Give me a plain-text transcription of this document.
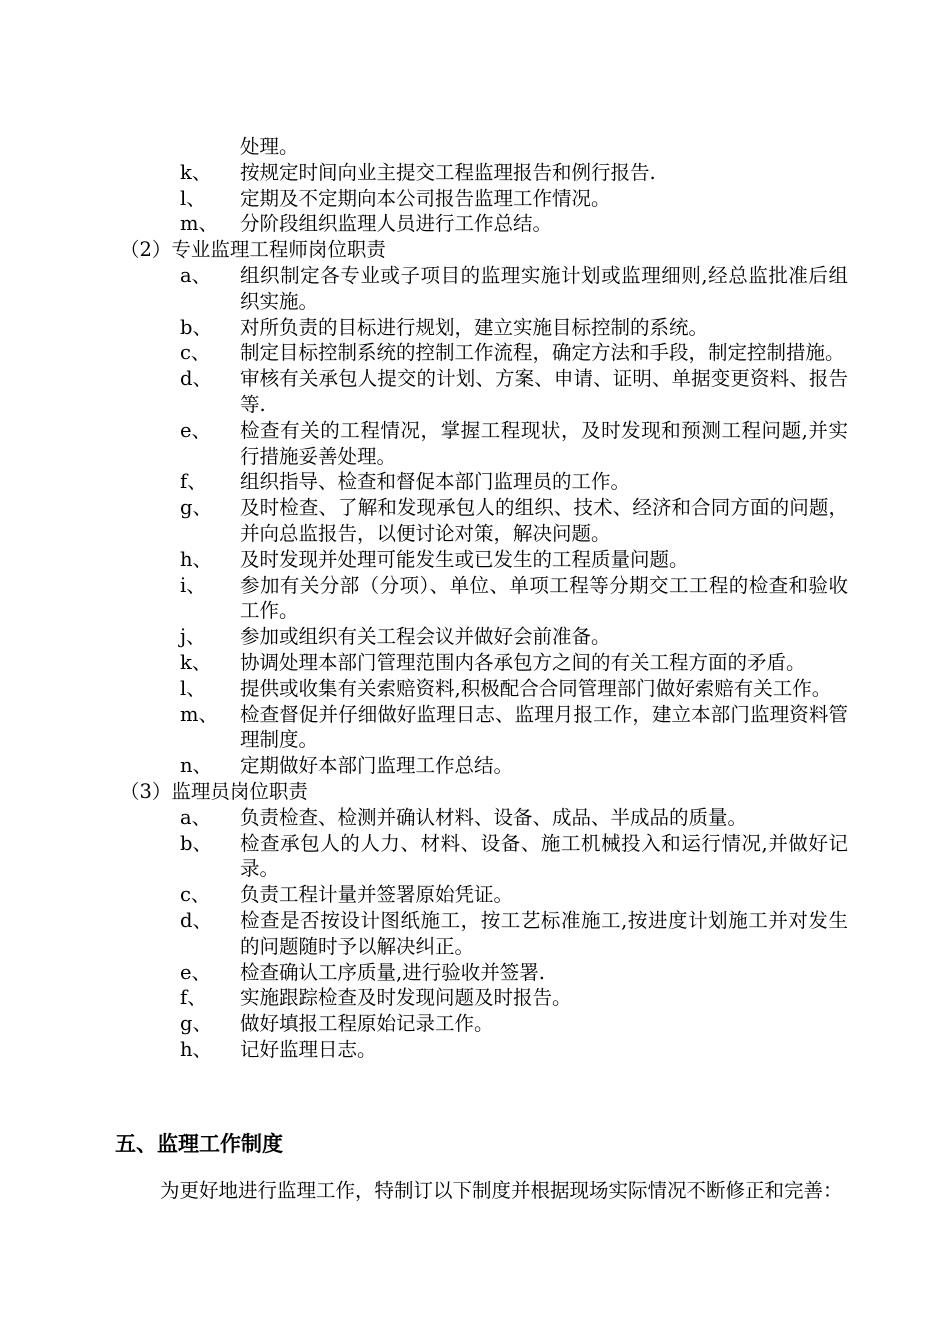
处理。
k、	按规定时间向业主提交工程监理报告和例行报告.
l、	定期及不定期向本公司报告监理工作情况。
m、	分阶段组织监理人员进行工作总结。
（2）专业监理工程师岗位职责
a、	组织制定各专业或子项目的监理实施计划或监理细则,经总监批准后组织实施。
b、	对所负责的目标进行规划，建立实施目标控制的系统。
c、	制定目标控制系统的控制工作流程，确定方法和手段，制定控制措施。
d、	审核有关承包人提交的计划、方案、申请、证明、单据变更资料、报告等.
e、	检查有关的工程情况，掌握工程现状，及时发现和预测工程问题,并实行措施妥善处理。
f、	组织指导、检查和督促本部门监理员的工作。
g、	及时检查、了解和发现承包人的组织、技术、经济和合同方面的问题，并向总监报告，以便讨论对策，解决问题。
h、	及时发现并处理可能发生或已发生的工程质量问题。
i、	参加有关分部（分项）、单位、单项工程等分期交工工程的检查和验收工作。
j、	参加或组织有关工程会议并做好会前准备。
k、	协调处理本部门管理范围内各承包方之间的有关工程方面的矛盾。
l、	提供或收集有关索赔资料,积极配合合同管理部门做好索赔有关工作。
m、	检查督促并仔细做好监理日志、监理月报工作，建立本部门监理资料管理制度。
n、	定期做好本部门监理工作总结。
（3）监理员岗位职责
a、	负责检查、检测并确认材料、设备、成品、半成品的质量。
b、	检查承包人的人力、材料、设备、施工机械投入和运行情况,并做好记录。
c、	负责工程计量并签署原始凭证。
d、	检查是否按设计图纸施工，按工艺标准施工,按进度计划施工并对发生的问题随时予以解决纠正。
e、	检查确认工序质量,进行验收并签署.
f、	实施跟踪检查及时发现问题及时报告。
g、	做好填报工程原始记录工作。
h、	记好监理日志。
五、监理工作制度
为更好地进行监理工作，特制订以下制度并根据现场实际情况不断修正和完善：
